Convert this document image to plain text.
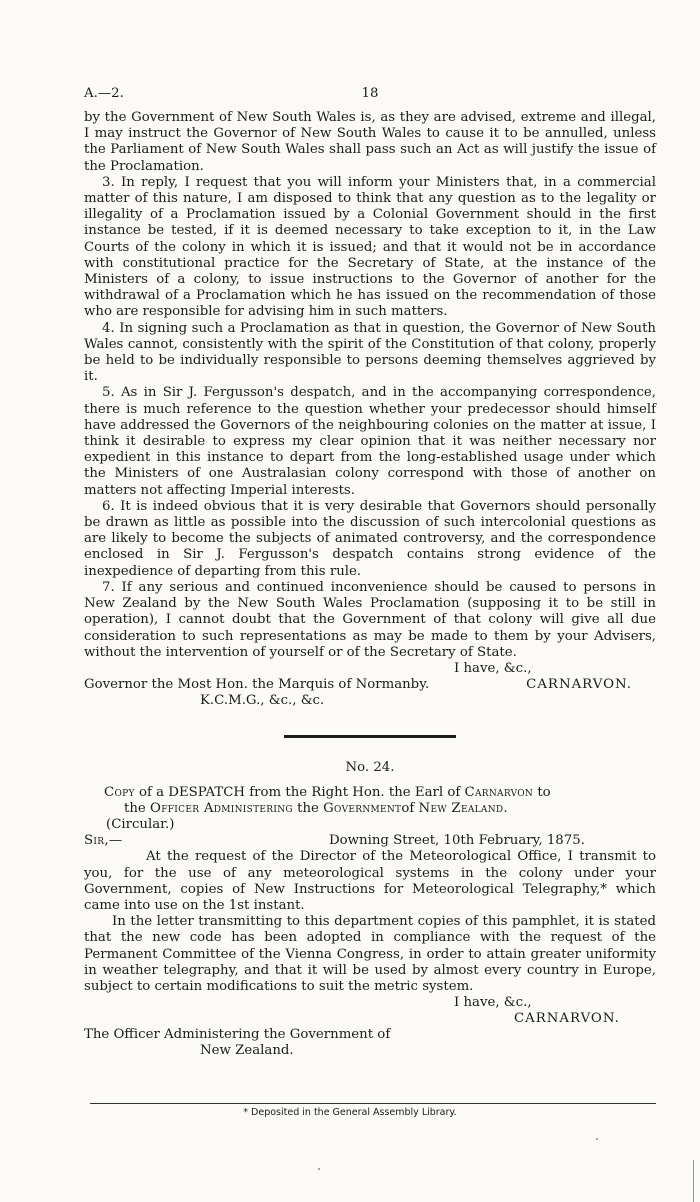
A.—2.	18

by the Government of New South Wales is, as they are advised, extreme and illegal, I may instruct the Governor of New South Wales to cause it to be annulled, unless the Parliament of New South Wales shall pass such an Act as will justify the issue of the Proclamation.

3. In reply, I request that you will inform your Ministers that, in a commercial matter of this nature, I am disposed to think that any question as to the legality or illegality of a Proclamation issued by a Colonial Government should in the first instance be tested, if it is deemed necessary to take exception to it, in the Law Courts of the colony in which it is issued; and that it would not be in accordance with constitutional practice for the Secretary of State, at the instance of the Ministers of a colony, to issue instructions to the Governor of another for the withdrawal of a Proclamation which he has issued on the recommendation of those who are responsible for advising him in such matters.

4. In signing such a Proclamation as that in question, the Governor of New South Wales cannot, consistently with the spirit of the Constitution of that colony, properly be held to be individually responsible to persons deeming themselves aggrieved by it.

5. As in Sir J. Fergusson's despatch, and in the accompanying correspondence, there is much reference to the question whether your predecessor should himself have addressed the Governors of the neighbouring colonies on the matter at issue, I think it desirable to express my clear opinion that it was neither necessary nor expedient in this instance to depart from the long-established usage under which the Ministers of one Australasian colony correspond with those of another on matters not affecting Imperial interests.

6. It is indeed obvious that it is very desirable that Governors should personally be drawn as little as possible into the discussion of such intercolonial questions as are likely to become the subjects of animated controversy, and the correspondence enclosed in Sir J. Fergusson's despatch contains strong evidence of the inexpedience of departing from this rule.

7. If any serious and continued inconvenience should be caused to persons in New Zealand by the New South Wales Proclamation (supposing it to be still in operation), I cannot doubt that the Government of that colony will give all due consideration to such representations as may be made to them by your Advisers, without the intervention of yourself or of the Secretary of State.

I have, &c.,
Governor the Most Hon. the Marquis of Normanby.	CARNARVON.
K.C.M.G., &c., &c.
No. 24.
Copy of a DESPATCH from the Right Hon. the Earl of Carnarvon to
the Officer Administering the Governmentof New Zealand.
(Circular.)
Sir,—	Downing Street, 10th February, 1875.

At the request of the Director of the Meteorological Office, I transmit to you, for the use of any meteorological systems in the colony under your Government, copies of New Instructions for Meteorological Telegraphy,* which came into use on the 1st instant.

In the letter transmitting to this department copies of this pamphlet, it is stated that the new code has been adopted in compliance with the request of the Permanent Committee of the Vienna Congress, in order to attain greater uniformity in weather telegraphy, and that it will be used by almost every country in Europe, subject to certain modifications to suit the metric system.

I have, &c.,
CARNARVON.
The Officer Administering the Government of
New Zealand.
* Deposited in the General Assembly Library.
